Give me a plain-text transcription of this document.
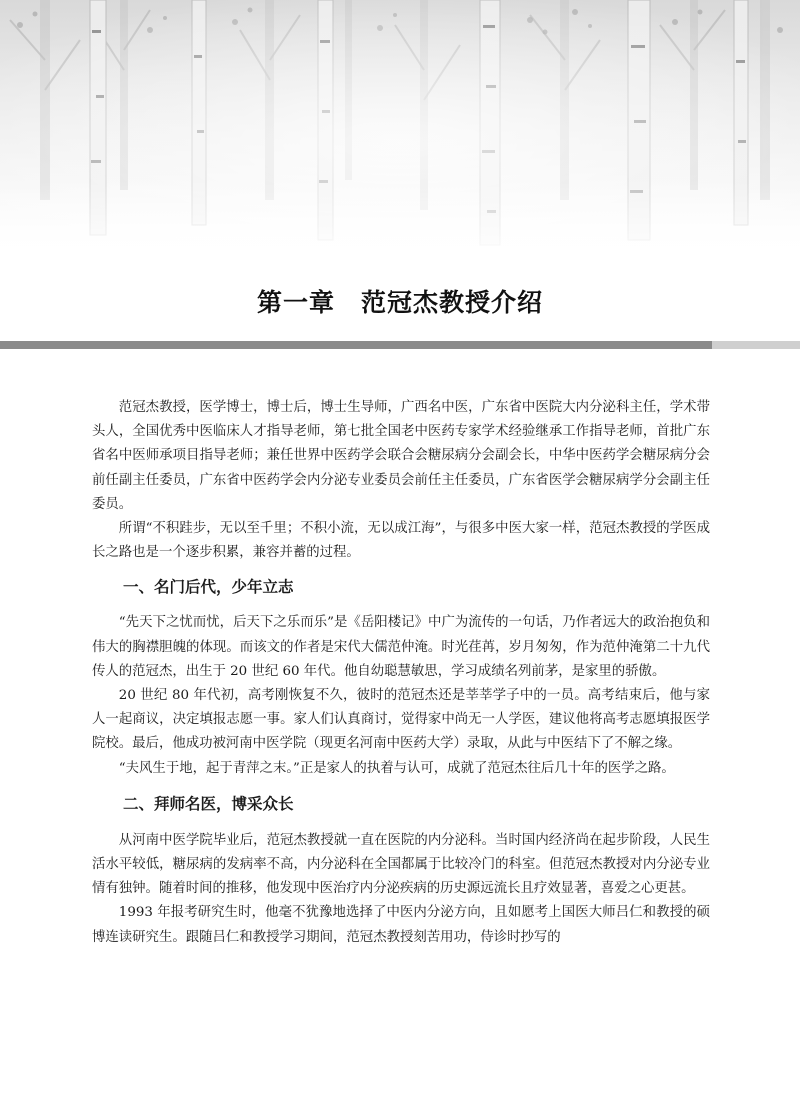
第一章　范冠杰教授介绍

范冠杰教授，医学博士，博士后，博士生导师，广西名中医，广东省中医院大内分泌科主任，学术带头人，全国优秀中医临床人才指导老师，第七批全国老中医药专家学术经验继承工作指导老师，首批广东省名中医师承项目指导老师；兼任世界中医药学会联合会糖尿病分会副会长，中华中医药学会糖尿病分会前任副主任委员，广东省中医药学会内分泌专业委员会前任主任委员，广东省医学会糖尿病学分会副主任委员。

所谓“不积跬步，无以至千里；不积小流，无以成江海”，与很多中医大家一样，范冠杰教授的学医成长之路也是一个逐步积累，兼容并蓄的过程。

一、名门后代，少年立志

“先天下之忧而忧，后天下之乐而乐”是《岳阳楼记》中广为流传的一句话，乃作者远大的政治抱负和伟大的胸襟胆魄的体现。而该文的作者是宋代大儒范仲淹。时光荏苒，岁月匆匆，作为范仲淹第二十九代传人的范冠杰，出生于 20 世纪 60 年代。他自幼聪慧敏思，学习成绩名列前茅，是家里的骄傲。

20 世纪 80 年代初，高考刚恢复不久，彼时的范冠杰还是莘莘学子中的一员。高考结束后，他与家人一起商议，决定填报志愿一事。家人们认真商讨，觉得家中尚无一人学医，建议他将高考志愿填报医学院校。最后，他成功被河南中医学院（现更名河南中医药大学）录取，从此与中医结下了不解之缘。

“夫风生于地，起于青萍之末。”正是家人的执着与认可，成就了范冠杰往后几十年的医学之路。

二、拜师名医，博采众长

从河南中医学院毕业后，范冠杰教授就一直在医院的内分泌科。当时国内经济尚在起步阶段，人民生活水平较低，糖尿病的发病率不高，内分泌科在全国都属于比较冷门的科室。但范冠杰教授对内分泌专业情有独钟。随着时间的推移，他发现中医治疗内分泌疾病的历史源远流长且疗效显著，喜爱之心更甚。

1993 年报考研究生时，他毫不犹豫地选择了中医内分泌方向，且如愿考上国医大师吕仁和教授的硕博连读研究生。跟随吕仁和教授学习期间，范冠杰教授刻苦用功，侍诊时抄写的
